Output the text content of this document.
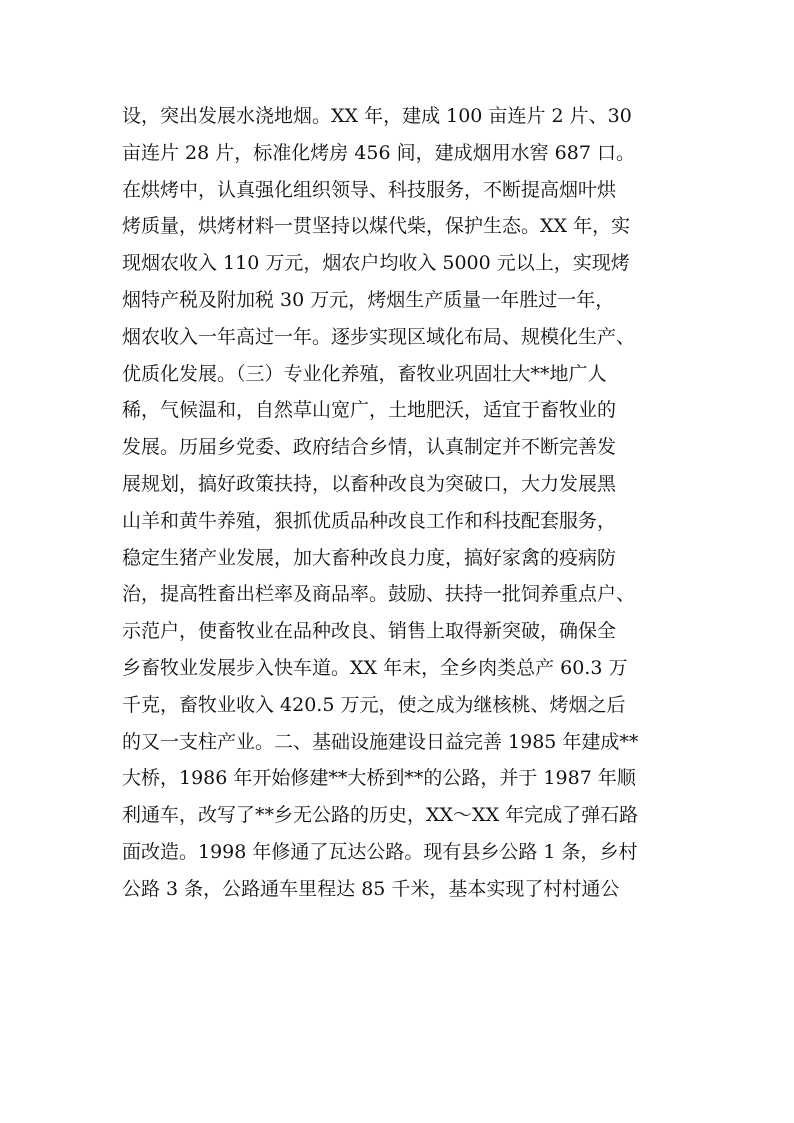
设，突出发展水浇地烟。XX 年，建成 100 亩连片 2 片、30
亩连片 28 片，标准化烤房 456 间，建成烟用水窖 687 口。
在烘烤中，认真强化组织领导、科技服务，不断提高烟叶烘
烤质量，烘烤材料一贯坚持以煤代柴，保护生态。XX 年，实
现烟农收入 110 万元，烟农户均收入 5000 元以上，实现烤
烟特产税及附加税 30 万元，烤烟生产质量一年胜过一年，
烟农收入一年高过一年。逐步实现区域化布局、规模化生产、
优质化发展。（三）专业化养殖，畜牧业巩固壮大**地广人
稀，气候温和，自然草山宽广，土地肥沃，适宜于畜牧业的
发展。历届乡党委、政府结合乡情，认真制定并不断完善发
展规划，搞好政策扶持，以畜种改良为突破口，大力发展黑
山羊和黄牛养殖，狠抓优质品种改良工作和科技配套服务，
稳定生猪产业发展，加大畜种改良力度，搞好家禽的疫病防
治，提高牲畜出栏率及商品率。鼓励、扶持一批饲养重点户、
示范户，使畜牧业在品种改良、销售上取得新突破，确保全
乡畜牧业发展步入快车道。XX 年末，全乡肉类总产 60.3 万
千克，畜牧业收入 420.5 万元，使之成为继核桃、烤烟之后
的又一支柱产业。二、基础设施建设日益完善 1985 年建成**
大桥，1986 年开始修建**大桥到**的公路，并于 1987 年顺
利通车，改写了**乡无公路的历史，XX～XX 年完成了弹石路
面改造。1998 年修通了瓦达公路。现有县乡公路 1 条，乡村
公路 3 条，公路通车里程达 85 千米，基本实现了村村通公
